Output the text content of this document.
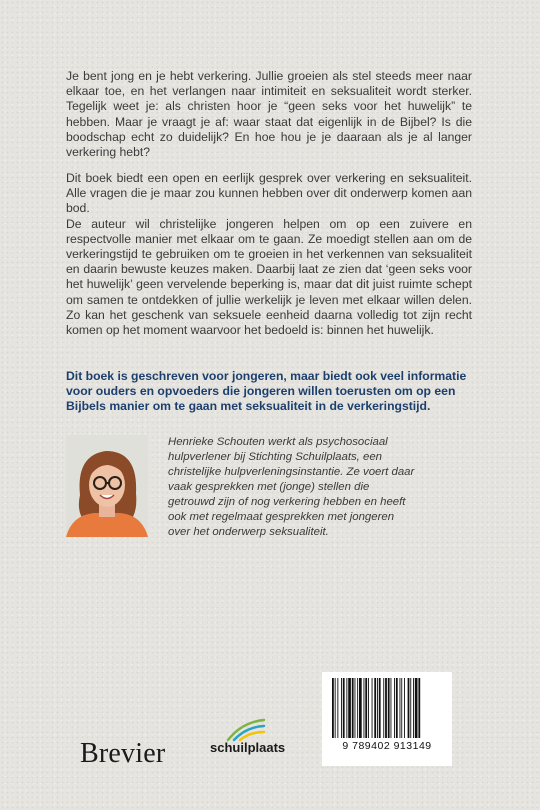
Je bent jong en je hebt verkering. Jullie groeien als stel steeds meer naar elkaar toe, en het verlangen naar intimiteit en seksualiteit wordt sterker. Tegelijk weet je: als christen hoor je “geen seks voor het huwelijk” te hebben. Maar je vraagt je af: waar staat dat eigenlijk in de Bijbel? Is die boodschap echt zo duidelijk? En hoe hou je je daaraan als je al langer verkering hebt?

Dit boek biedt een open en eerlijk gesprek over verkering en seksualiteit. Alle vragen die je maar zou kunnen hebben over dit onderwerp komen aan bod.

De auteur wil christelijke jongeren helpen om op een zuivere en respectvolle manier met elkaar om te gaan. Ze moedigt stellen aan om de verkeringstijd te gebruiken om te groeien in het verkennen van seksualiteit en daarin bewuste keuzes maken. Daarbij laat ze zien dat ‘geen seks voor het huwelijk’ geen vervelende beperking is, maar dat dit juist ruimte schept om samen te ontdekken of jullie werkelijk je leven met elkaar willen delen. Zo kan het geschenk van seksuele eenheid daarna volledig tot zijn recht komen op het moment waarvoor het bedoeld is: binnen het huwelijk.

Dit boek is geschreven voor jongeren, maar biedt ook veel informatie voor ouders en opvoeders die jongeren willen toerusten om op een Bijbels manier om te gaan met seksualiteit in de verkeringstijd.

Henrieke Schouten werkt als psychosociaal hulpverlener bij Stichting Schuilplaats, een christelijke hulpverleningsinstantie. Ze voert daar vaak gesprekken met (jonge) stellen die getrouwd zijn of nog verkering hebben en heeft ook met regelmaat gesprekken met jongeren over het onderwerp seksualiteit.

9 789402 913149
Brevier	schuilplaats
